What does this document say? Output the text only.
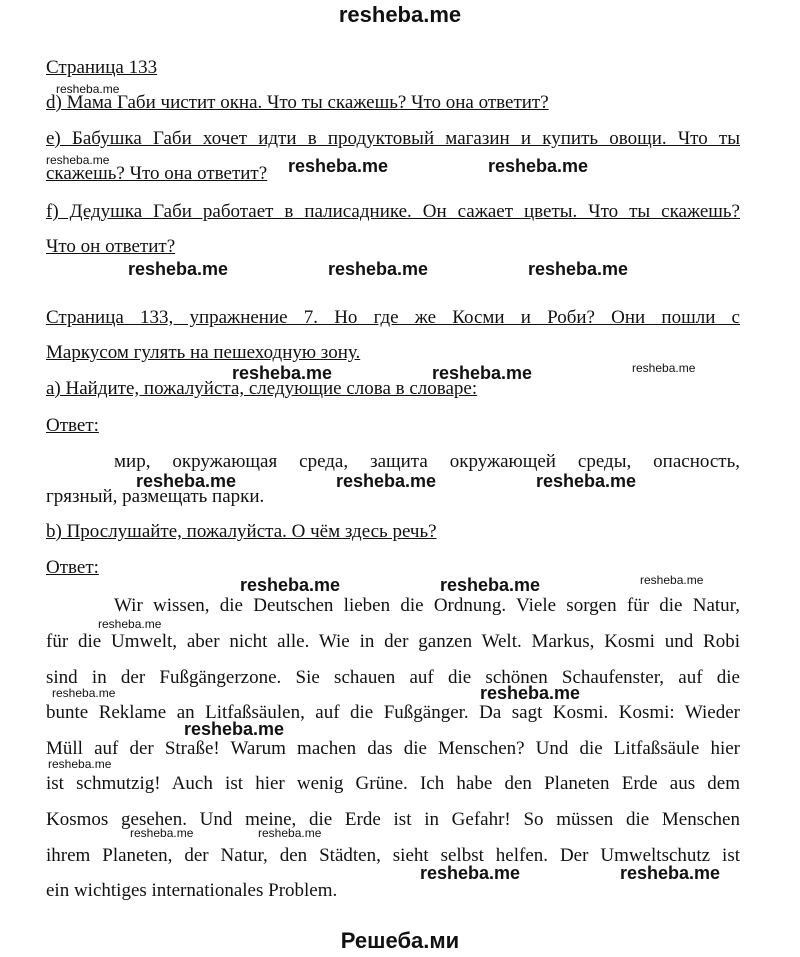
resheba.me
Страница 133
d) Мама Габи чистит окна. Что ты скажешь? Что она ответит?
e) Бабушка Габи хочет идти в продуктовый магазин и купить овощи. Что ты
скажешь? Что она ответит?
f) Дедушка Габи работает в палисаднике. Он сажает цветы. Что ты скажешь?
Что он ответит?
Страница 133, упражнение 7. Но где же Косми и Роби? Они пошли с
Маркусом гулять на пешеходную зону.
a) Найдите, пожалуйста, следующие слова в словаре:
Ответ:
мир, окружающая среда, защита окружающей среды, опасность,
грязный, размещать парки.
b) Прослушайте, пожалуйста. О чём здесь речь?
Ответ:
Wir wissen, die Deutschen lieben die Ordnung. Viele sorgen für die Natur,
für die Umwelt, aber nicht alle. Wie in der ganzen Welt. Markus, Kosmi und Robi
sind in der Fußgängerzone. Sie schauen auf die schönen Schaufenster, auf die
bunte Reklame an Litfaßsäulen, auf die Fußgänger. Da sagt Kosmi. Kosmi: Wieder
Müll auf der Straße! Warum machen das die Menschen? Und die Litfaßsäule hier
ist schmutzig! Auch ist hier wenig Grüne. Ich habe den Planeten Erde aus dem
Kosmos gesehen. Und meine, die Erde ist in Gefahr! So müssen die Menschen
ihrem Planeten, der Natur, den Städten, sieht selbst helfen. Der Umweltschutz ist
ein wichtiges internationales Problem.
resheba.me
resheba.me	resheba.me	resheba.me
resheba.me	resheba.me	resheba.me
resheba.me	resheba.me	resheba.me
resheba.me	resheba.me	resheba.me
resheba.me	resheba.me	resheba.me
resheba.me
resheba.me	resheba.me
resheba.me
resheba.me
resheba.me	resheba.me
resheba.me	resheba.me
Решеба.ми
